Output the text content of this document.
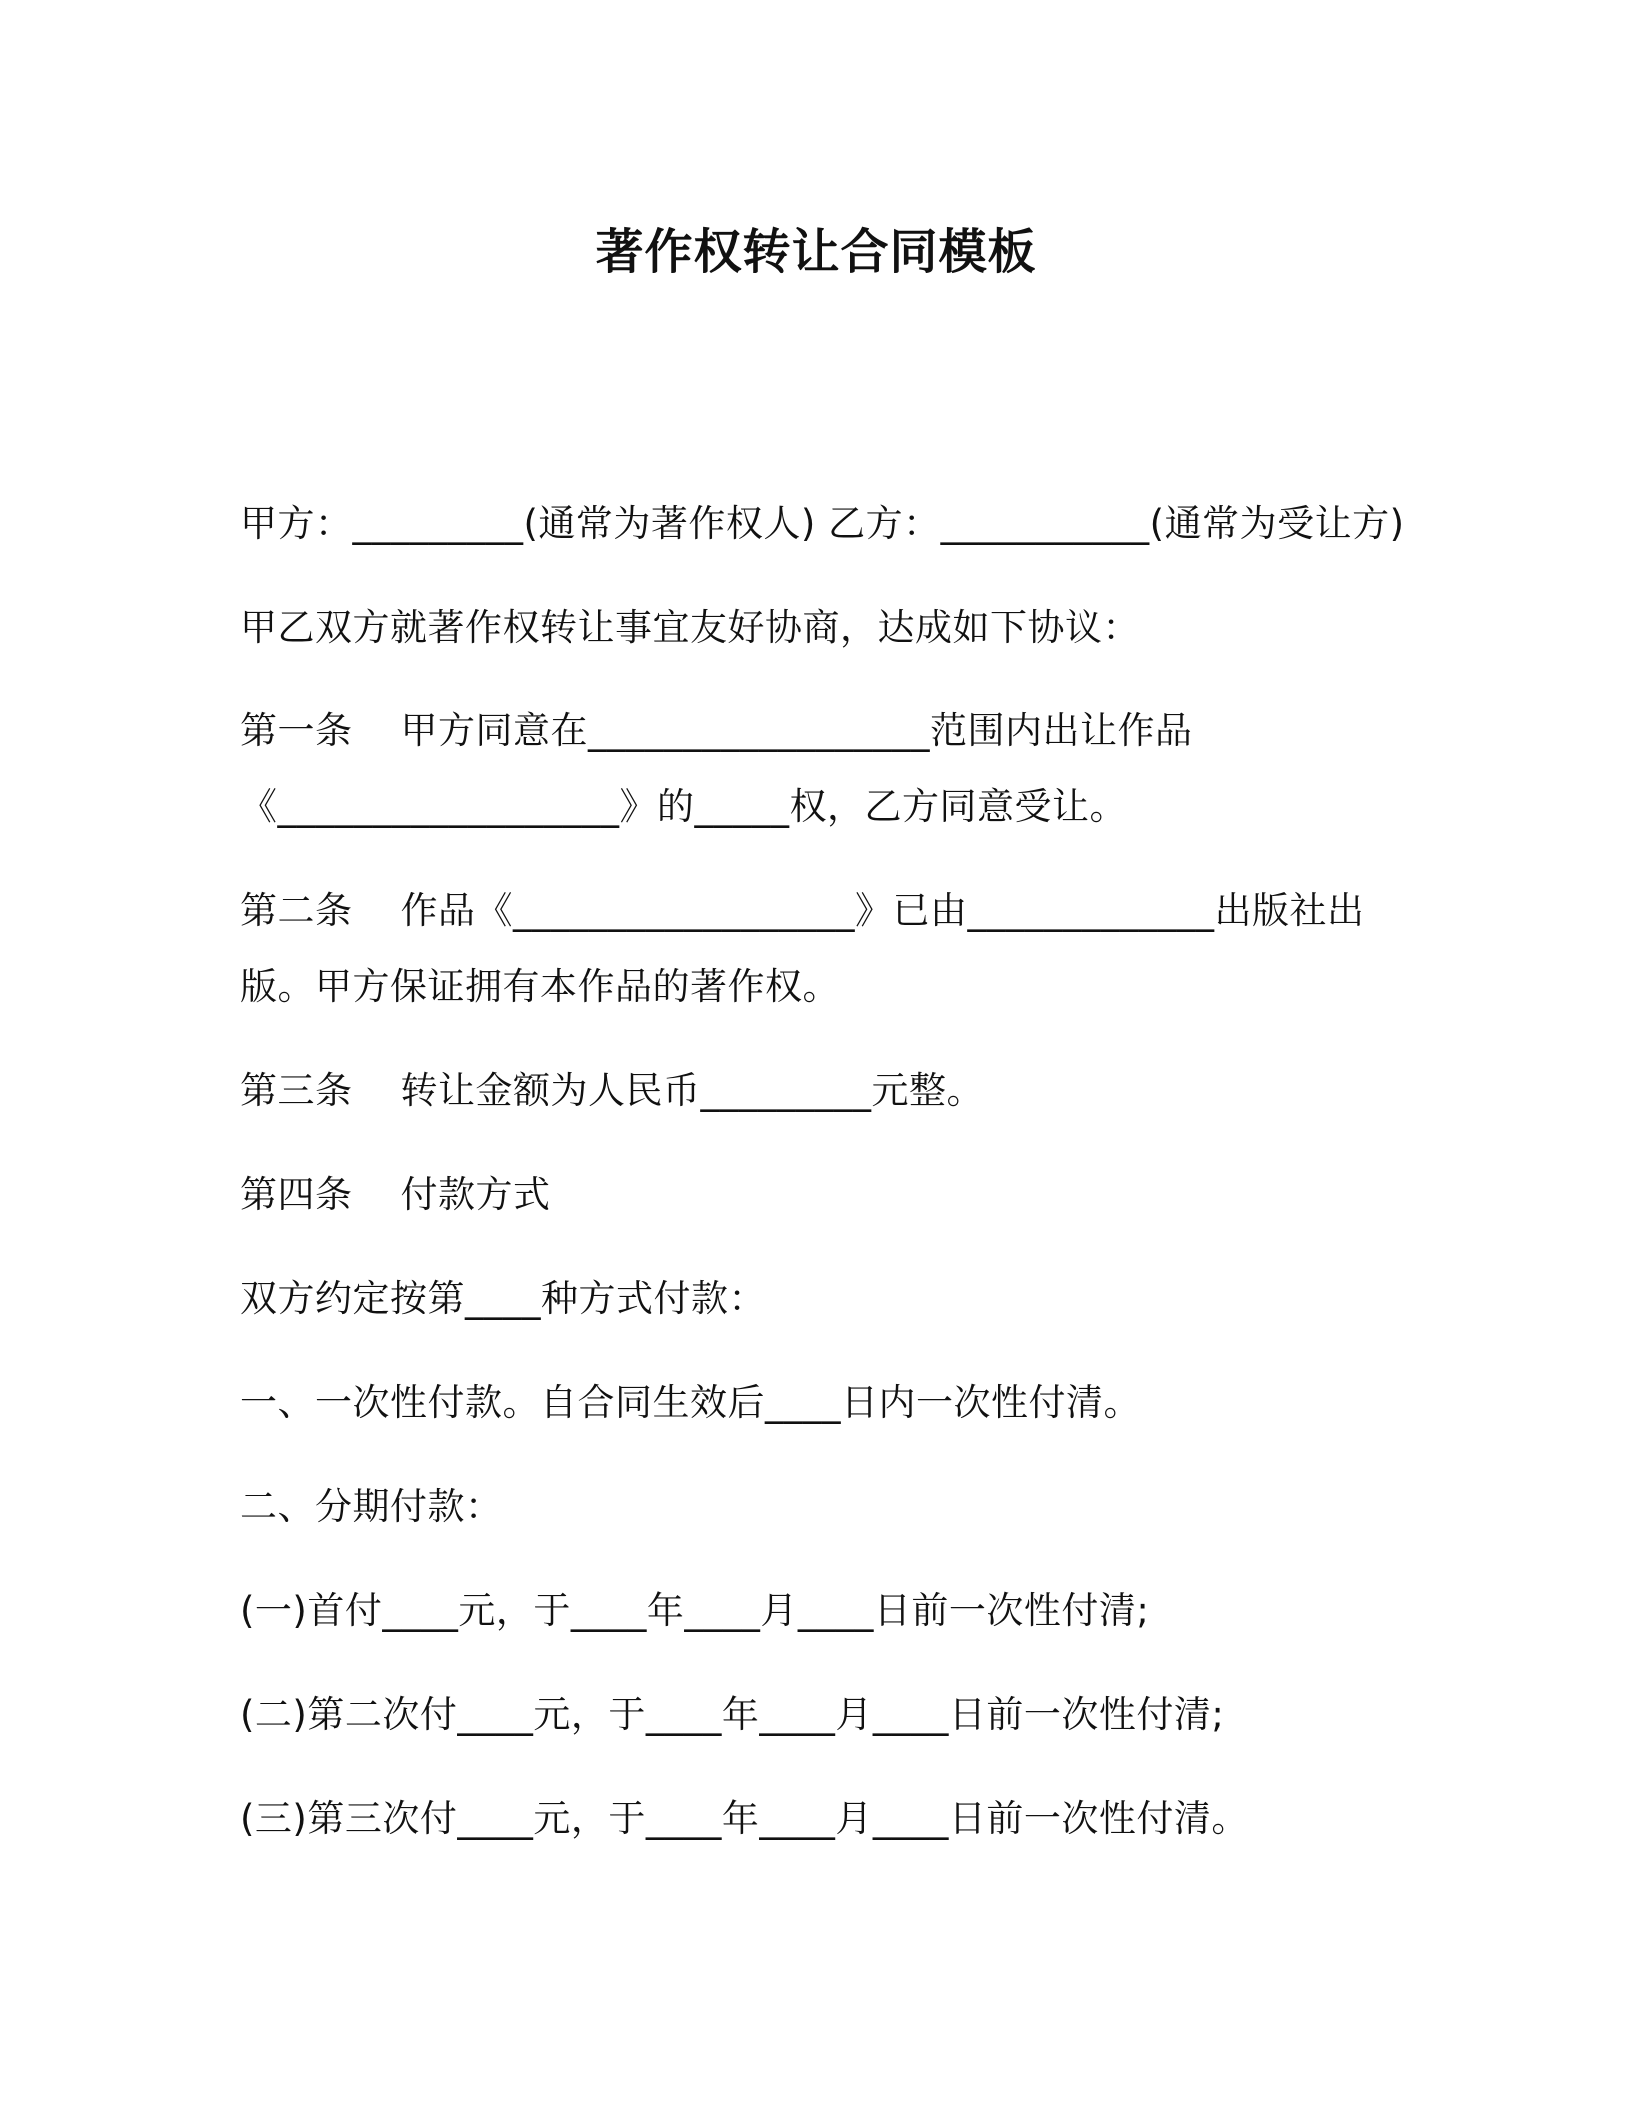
著作权转让合同模板
甲方：_________(通常为著作权人) 乙方：___________(通常为受让方)
甲乙双方就著作权转让事宜友好协商，达成如下协议：
第一条 甲方同意在__________________范围内出让作品
《__________________》的_____权，乙方同意受让。
第二条 作品《__________________》已由_____________出版社出
版。甲方保证拥有本作品的著作权。
第三条 转让金额为人民币_________元整。
第四条 付款方式
双方约定按第____种方式付款：
一、一次性付款。自合同生效后____日内一次性付清。
二、分期付款：
(一)首付____元，于____年____月____日前一次性付清;
(二)第二次付____元，于____年____月____日前一次性付清;
(三)第三次付____元，于____年____月____日前一次性付清。
